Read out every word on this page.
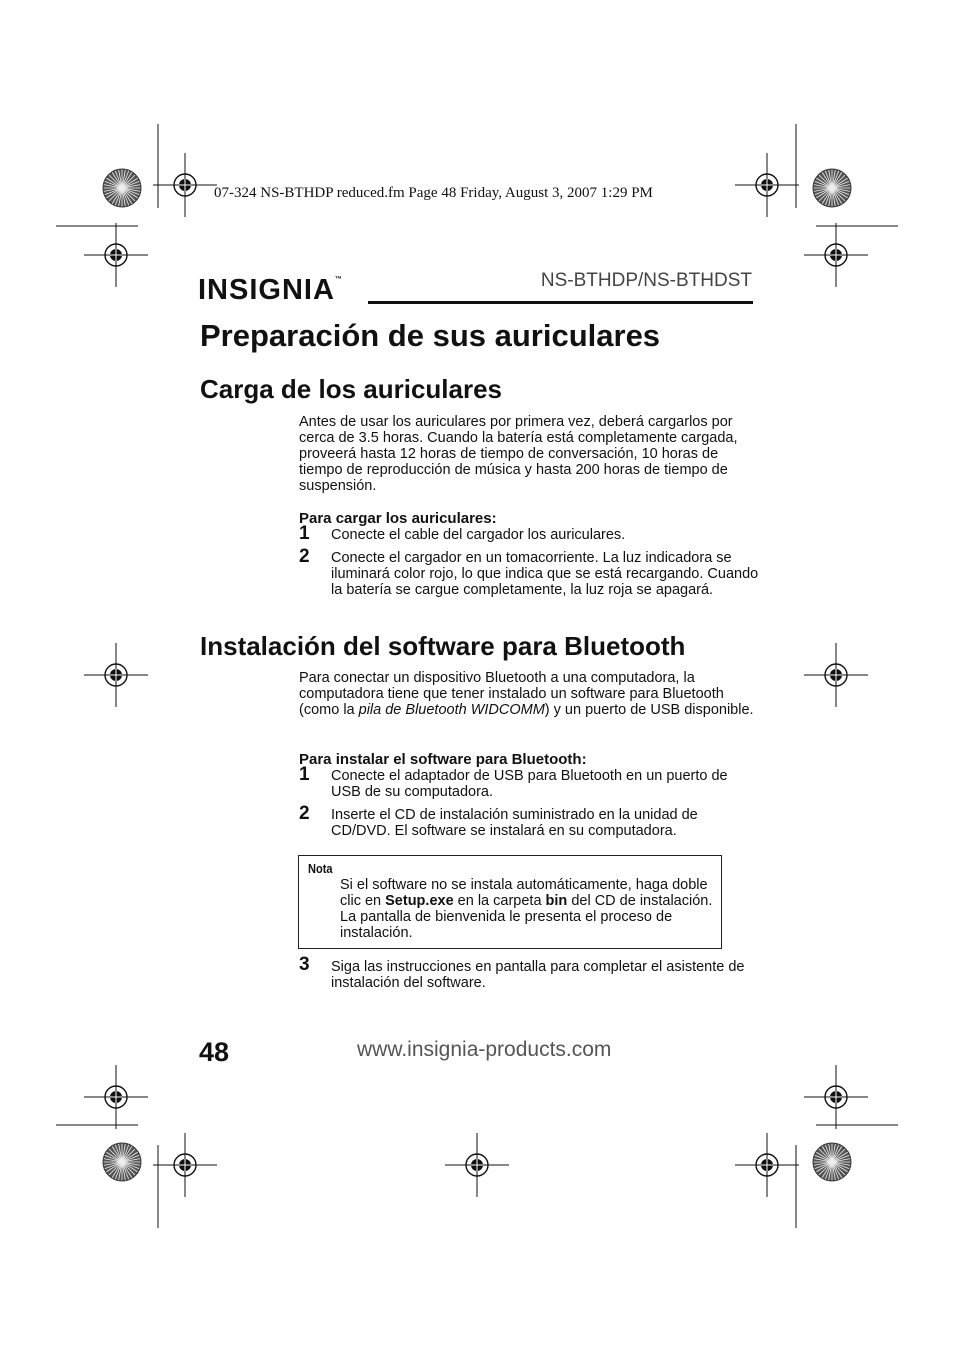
07-324 NS-BTHDP reduced.fm Page 48 Friday, August 3, 2007 1:29 PM
INSIGNIA™	NS-BTHDP/NS-BTHDST
Preparación de sus auriculares
Carga de los auriculares

Antes de usar los auriculares por primera vez, deberá cargarlos por cerca de 3.5 horas. Cuando la batería está completamente cargada, proveerá hasta 12 horas de tiempo de conversación, 10 horas de tiempo de reproducción de música y hasta 200 horas de tiempo de suspensión.

Para cargar los auriculares:
1 Conecte el cable del cargador los auriculares.

2 Conecte el cargador en un tomacorriente. La luz indicadora se iluminará color rojo, lo que indica que se está recargando. Cuando la batería se cargue completamente, la luz roja se apagará.

Instalación del software para Bluetooth

Para conectar un dispositivo Bluetooth a una computadora, la computadora tiene que tener instalado un software para Bluetooth (como la pila de Bluetooth WIDCOMM) y un puerto de USB disponible.

Para instalar el software para Bluetooth:
1 Conecte el adaptador de USB para Bluetooth en un puerto de USB de su computadora.

2 Inserte el CD de instalación suministrado en la unidad de CD/DVD. El software se instalará en su computadora.

Nota

Si el software no se instala automáticamente, haga doble clic en Setup.exe en la carpeta bin del CD de instalación. La pantalla de bienvenida le presenta el proceso de instalación.

3 Siga las instrucciones en pantalla para completar el asistente de instalación del software.

48	www.insignia-products.com
